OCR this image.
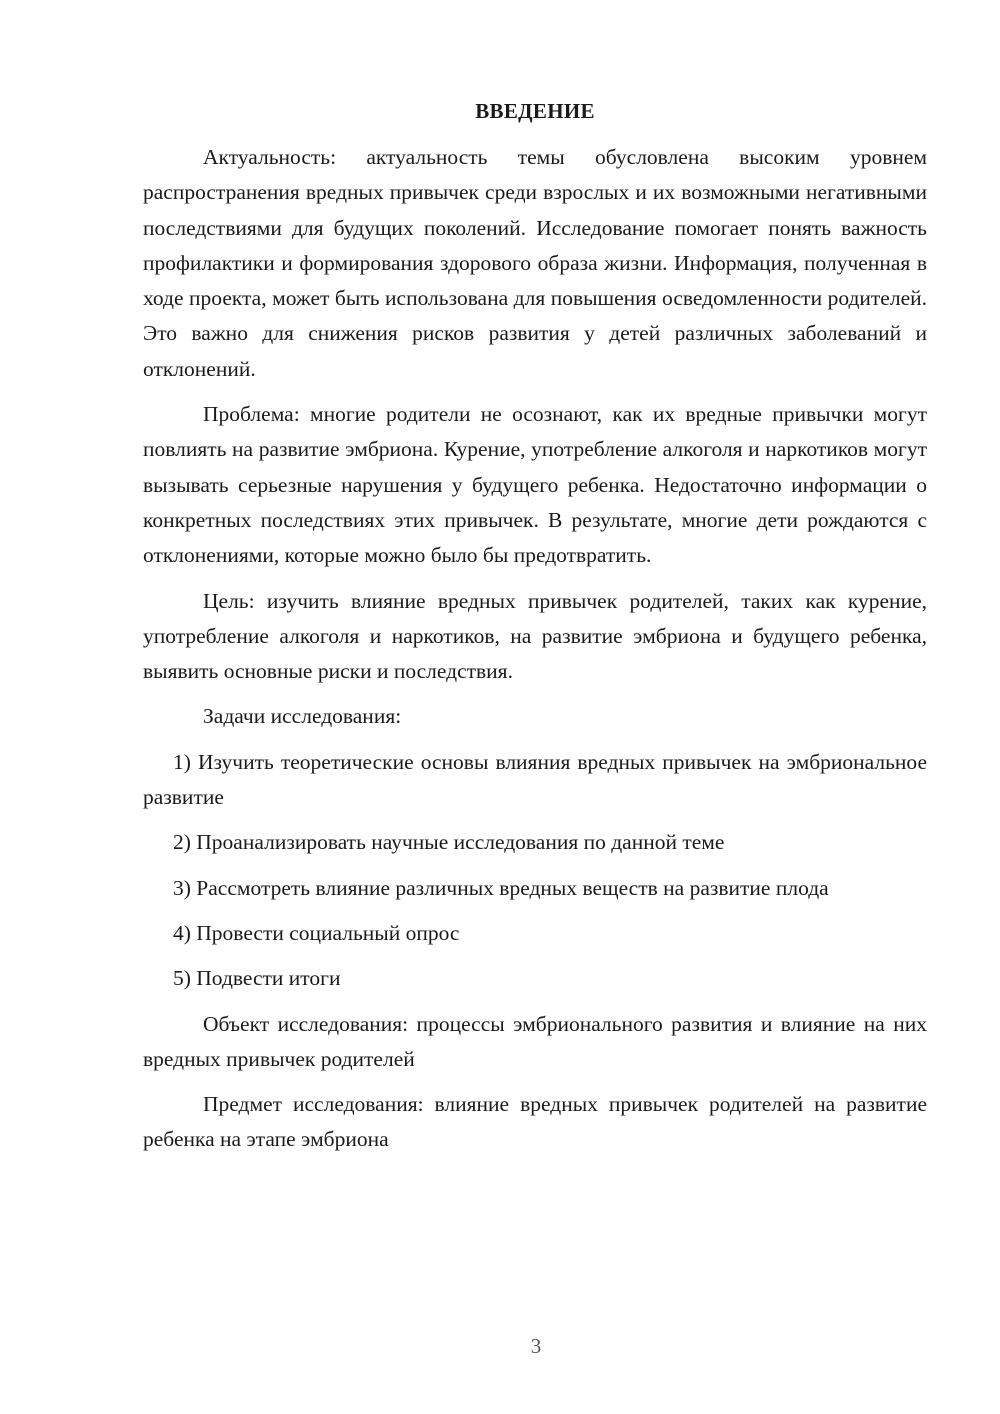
ВВЕДЕНИЕ

Актуальность: актуальность темы обусловлена высоким уровнем распространения вредных привычек среди взрослых и их возможными негативными последствиями для будущих поколений. Исследование помогает понять важность профилактики и формирования здорового образа жизни. Информация, полученная в ходе проекта, может быть использована для повышения осведомленности родителей. Это важно для снижения рисков развития у детей различных заболеваний и отклонений.

Проблема: многие родители не осознают, как их вредные привычки могут повлиять на развитие эмбриона. Курение, употребление алкоголя и наркотиков могут вызывать серьезные нарушения у будущего ребенка. Недостаточно информации о конкретных последствиях этих привычек. В результате, многие дети рождаются с отклонениями, которые можно было бы предотвратить.

Цель: изучить влияние вредных привычек родителей, таких как курение, употребление алкоголя и наркотиков, на развитие эмбриона и будущего ребенка, выявить основные риски и последствия.

Задачи исследования:

1) Изучить теоретические основы влияния вредных привычек на эмбриональное развитие

2) Проанализировать научные исследования по данной теме

3) Рассмотреть влияние различных вредных веществ на развитие плода

4) Провести социальный опрос

5) Подвести итоги

Объект исследования: процессы эмбрионального развития и влияние на них вредных привычек родителей

Предмет исследования: влияние вредных привычек родителей на развитие ребенка на этапе эмбриона

3
